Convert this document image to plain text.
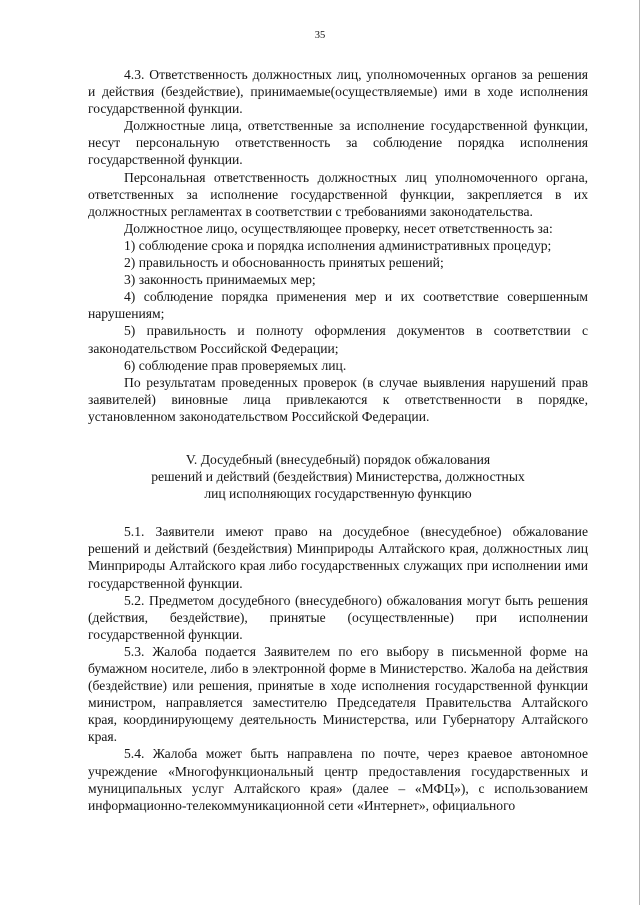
35

4.3. Ответственность должностных лиц, уполномоченных органов за решения и действия (бездействие), принимаемые(осуществляемые) ими в ходе исполнения государственной функции.

Должностные лица, ответственные за исполнение государственной функции, несут персональную ответственность за соблюдение порядка исполнения государственной функции.

Персональная ответственность должностных лиц уполномоченного органа, ответственных за исполнение государственной функции, закрепляется в их должностных регламентах в соответствии с требованиями законодательства.

Должностное лицо, осуществляющее проверку, несет ответственность за:

1) соблюдение срока и порядка исполнения административных процедур;

2) правильность и обоснованность принятых решений;

3) законность принимаемых мер;

4) соблюдение порядка применения мер и их соответствие совершенным нарушениям;

5) правильность и полноту оформления документов в соответствии с законодательством Российской Федерации;

6) соблюдение прав проверяемых лиц.

По результатам проведенных проверок (в случае выявления нарушений прав заявителей) виновные лица привлекаются к ответственности в порядке, установленном законодательством Российской Федерации.

V. Досудебный (внесудебный) порядок обжалования
решений и действий (бездействия) Министерства, должностных
лиц исполняющих государственную функцию

5.1. Заявители имеют право на досудебное (внесудебное) обжалование решений и действий (бездействия) Минприроды Алтайского края, должностных лиц Минприроды Алтайского края либо государственных служащих при исполнении ими государственной функции.

5.2. Предметом досудебного (внесудебного) обжалования могут быть решения (действия, бездействие), принятые (осуществленные) при исполнении государственной функции.

5.3. Жалоба подается Заявителем по его выбору в письменной форме на бумажном носителе, либо в электронной форме в Министерство. Жалоба на действия (бездействие) или решения, принятые в ходе исполнения государственной функции министром, направляется заместителю Председателя Правительства Алтайского края, координирующему деятельность Министерства, или Губернатору Алтайского края.

5.4. Жалоба может быть направлена по почте, через краевое автономное учреждение «Многофункциональный центр предоставления государственных и муниципальных услуг Алтайского края» (далее – «МФЦ»), с использованием информационно-телекоммуникационной сети «Интернет», официального
